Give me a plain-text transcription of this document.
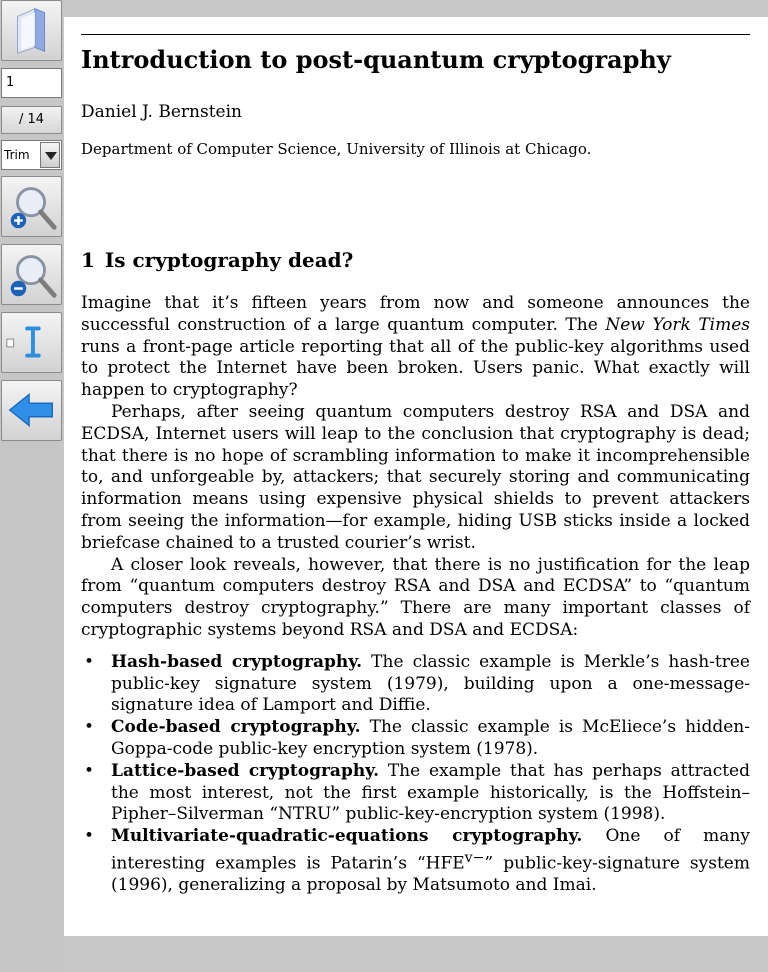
1
/ 14
Trim
Introduction to post-quantum cryptography
Daniel J. Bernstein
Department of Computer Science, University of Illinois at Chicago.
1 Is cryptography dead?

Imagine that it’s fifteen years from now and someone announces the successful construction of a large quantum computer. The New York Times runs a front-page article reporting that all of the public-key algorithms used to protect the Internet have been broken. Users panic. What exactly will happen to cryptography?

Perhaps, after seeing quantum computers destroy RSA and DSA and ECDSA, Internet users will leap to the conclusion that cryptography is dead; that there is no hope of scrambling information to make it incomprehensible to, and unforgeable by, attackers; that securely storing and communicating information means using expensive physical shields to prevent attackers from seeing the information—for example, hiding USB sticks inside a locked briefcase chained to a trusted courier’s wrist.

A closer look reveals, however, that there is no justification for the leap from “quantum computers destroy RSA and DSA and ECDSA” to “quantum computers destroy cryptography.” There are many important classes of cryptographic systems beyond RSA and DSA and ECDSA:

• Hash-based cryptography. The classic example is Merkle’s hash-tree public-key signature system (1979), building upon a one-message-signature idea of Lamport and Diffie.
• Code-based cryptography. The classic example is McEliece’s hidden-Goppa-code public-key encryption system (1978).
• Lattice-based cryptography. The example that has perhaps attracted the most interest, not the first example historically, is the Hoffstein–Pipher–Silverman “NTRU” public-key-encryption system (1998).
• Multivariate-quadratic-equations cryptography. One of many interesting examples is Patarin’s “$HFE^{v-}$” public-key-signature system (1996), generalizing a proposal by Matsumoto and Imai.
